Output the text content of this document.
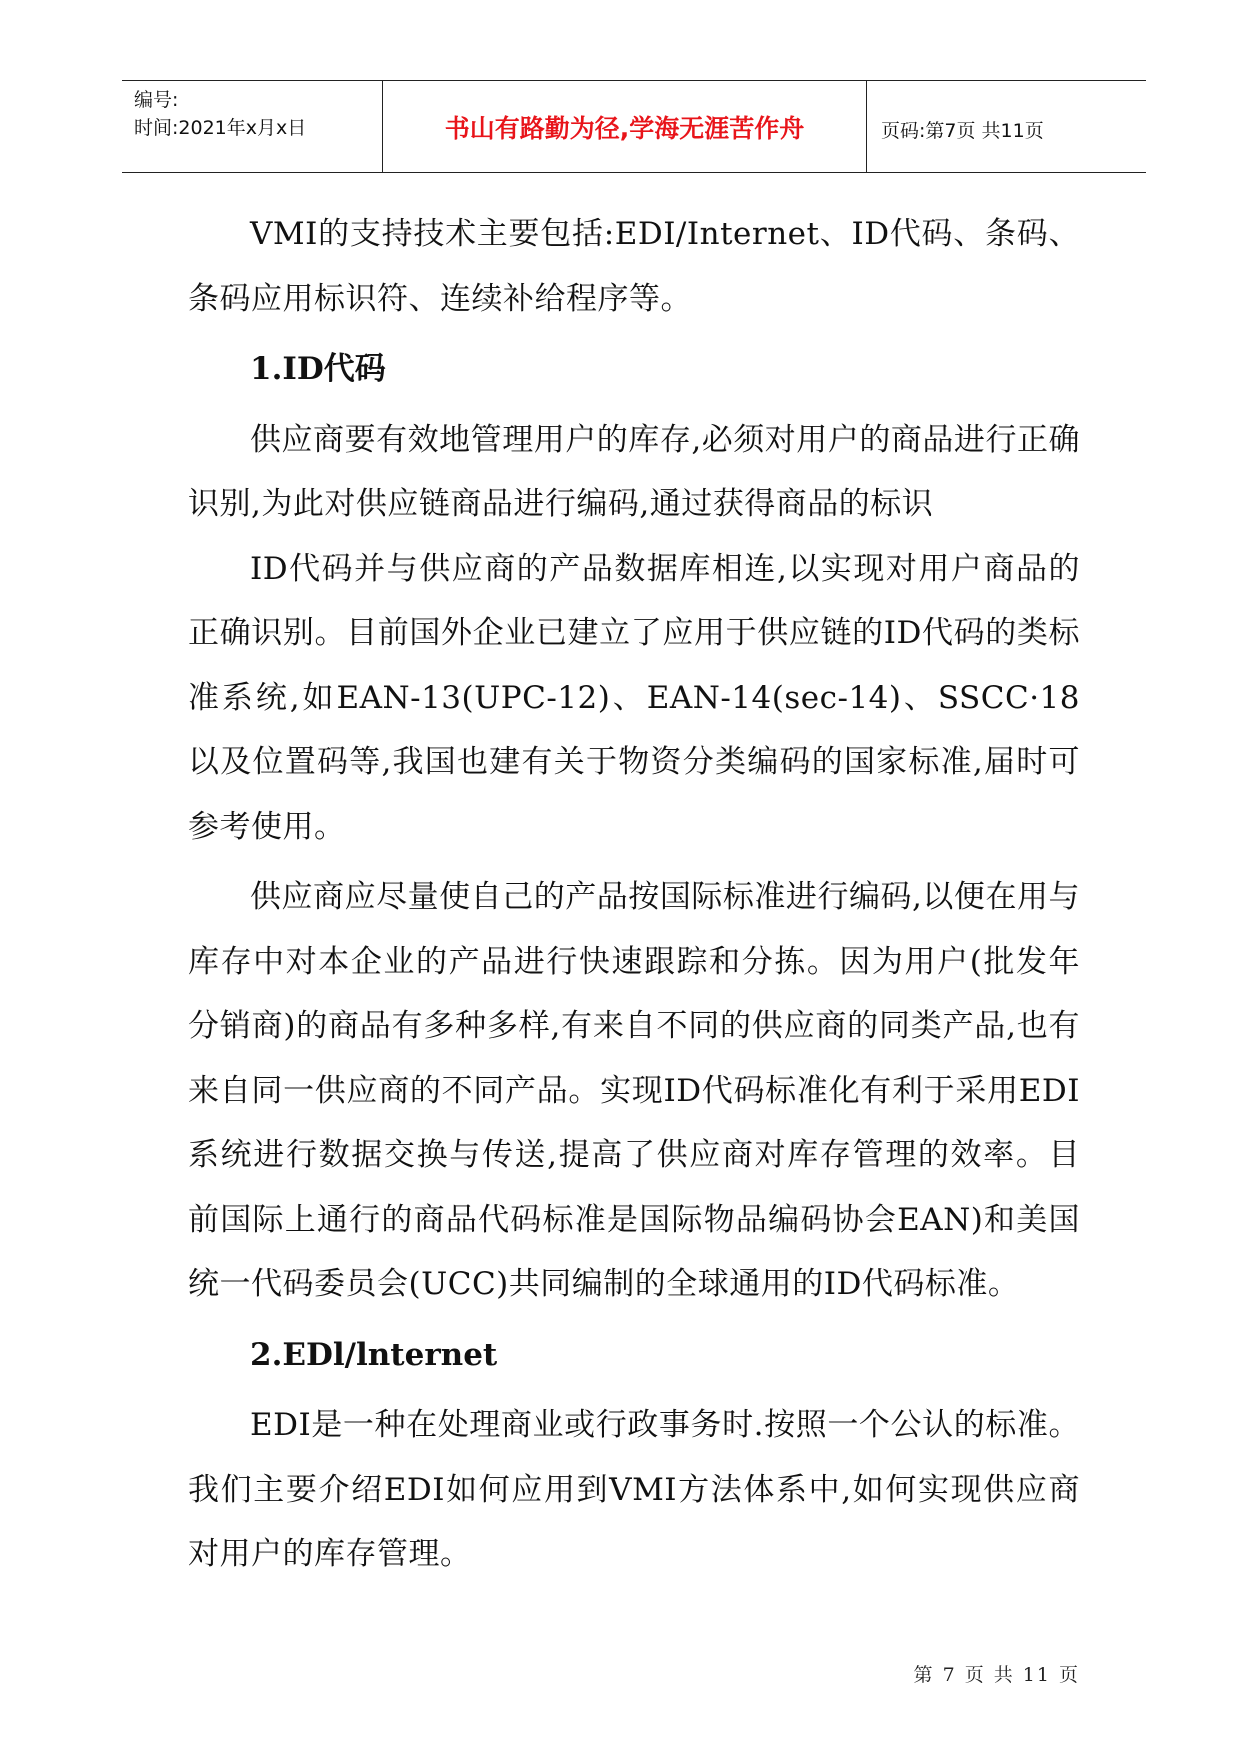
编号:
时间:2021年x月x日	书山有路勤为径,学海无涯苦作舟	页码:第7页 共11页

VMI的支持技术主要包括:EDI/Internet、ID代码、条码、条码应用标识符、连续补给程序等。

1.ID代码

供应商要有效地管理用户的库存,必须对用户的商品进行正确识别,为此对供应链商品进行编码,通过获得商品的标识

ID代码并与供应商的产品数据库相连,以实现对用户商品的正确识别。目前国外企业已建立了应用于供应链的ID代码的类标准系统,如EAN-13(UPC-12)、EAN-14(sec-14)、SSCC·18以及位置码等,我国也建有关于物资分类编码的国家标准,届时可参考使用。

供应商应尽量使自己的产品按国际标准进行编码,以便在用与库存中对本企业的产品进行快速跟踪和分拣。因为用户(批发年分销商)的商品有多种多样,有来自不同的供应商的同类产品,也有来自同一供应商的不同产品。实现ID代码标准化有利于采用EDI系统进行数据交换与传送,提高了供应商对库存管理的效率。目前国际上通行的商品代码标准是国际物品编码协会EAN)和美国统一代码委员会(UCC)共同编制的全球通用的ID代码标准。

2.EDl/lnternet

EDI是一种在处理商业或行政事务时.按照一个公认的标准。我们主要介绍EDI如何应用到VMI方法体系中,如何实现供应商对用户的库存管理。

第 7 页 共 11 页
